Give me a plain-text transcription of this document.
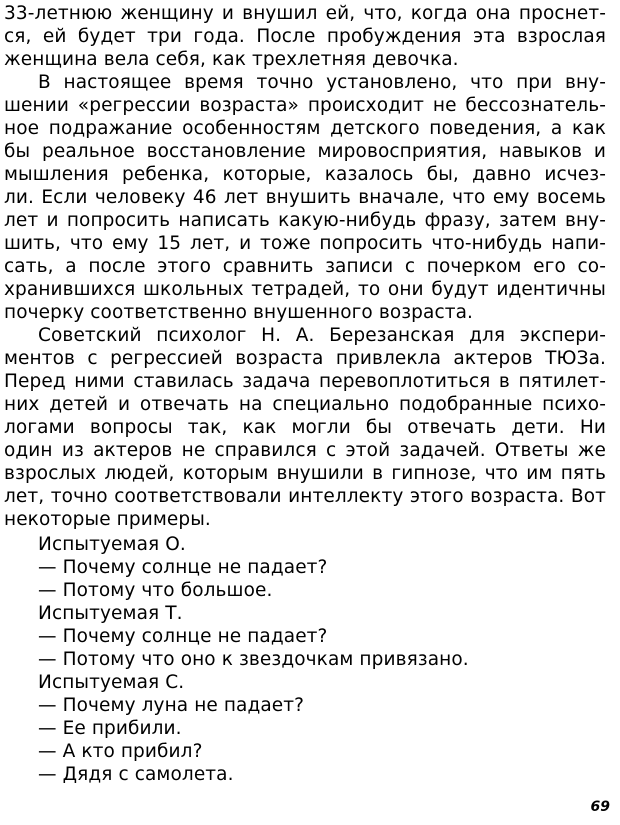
33-летнюю женщину и внушил ей, что, когда она проснет-
ся, ей будет три года. После пробуждения эта взрослая
женщина вела себя, как трехлетняя девочка.
В настоящее время точно установлено, что при вну-
шении «регрессии возраста» происходит не бессознатель-
ное подражание особенностям детского поведения, а как
бы реальное восстановление мировосприятия, навыков и
мышления ребенка, которые, казалось бы, давно исчез-
ли. Если человеку 46 лет внушить вначале, что ему восемь
лет и попросить написать какую-нибудь фразу, затем вну-
шить, что ему 15 лет, и тоже попросить что-нибудь напи-
сать, а после этого сравнить записи с почерком его со-
хранившихся школьных тетрадей, то они будут идентичны
почерку соответственно внушенного возраста.
Советский психолог Н. А. Березанская для экспери-
ментов с регрессией возраста привлекла актеров ТЮЗа.
Перед ними ставилась задача перевоплотиться в пятилет-
них детей и отвечать на специально подобранные психо-
логами вопросы так, как могли бы отвечать дети. Ни
один из актеров не справился с этой задачей. Ответы же
взрослых людей, которым внушили в гипнозе, что им пять
лет, точно соответствовали интеллекту этого возраста. Вот
некоторые примеры.
Испытуемая О.
— Почему солнце не падает?
— Потому что большое.
Испытуемая Т.
— Почему солнце не падает?
— Потому что оно к звездочкам привязано.
Испытуемая С.
— Почему луна не падает?
— Ее прибили.
— А кто прибил?
— Дядя с самолета.
69
